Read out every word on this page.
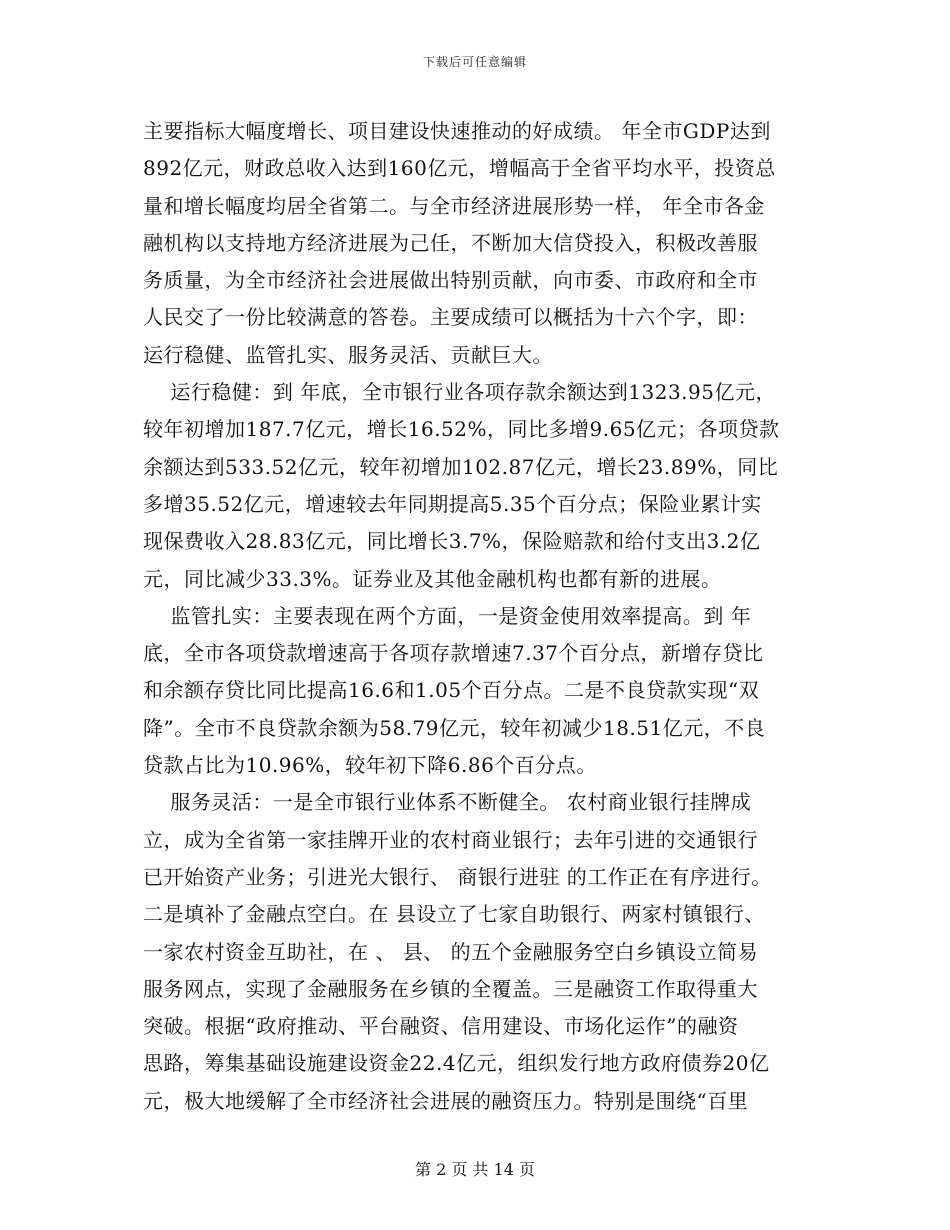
下载后可任意编辑
主要指标大幅度增长、项目建设快速推动的好成绩。 年全市GDP达到
892亿元，财政总收入达到160亿元，增幅高于全省平均水平，投资总
量和增长幅度均居全省第二。与全市经济进展形势一样， 年全市各金
融机构以支持地方经济进展为己任，不断加大信贷投入，积极改善服
务质量，为全市经济社会进展做出特别贡献，向市委、市政府和全市
人民交了一份比较满意的答卷。主要成绩可以概括为十六个字，即：
运行稳健、监管扎实、服务灵活、贡献巨大。
运行稳健：到 年底，全市银行业各项存款余额达到1323.95亿元，
较年初增加187.7亿元，增长16.52%，同比多增9.65亿元；各项贷款
余额达到533.52亿元，较年初增加102.87亿元，增长23.89%，同比
多增35.52亿元，增速较去年同期提高5.35个百分点；保险业累计实
现保费收入28.83亿元，同比增长3.7%，保险赔款和给付支出3.2亿
元，同比减少33.3%。证券业及其他金融机构也都有新的进展。
监管扎实：主要表现在两个方面，一是资金使用效率提高。到 年
底，全市各项贷款增速高于各项存款增速7.37个百分点，新增存贷比
和余额存贷比同比提高16.6和1.05个百分点。二是不良贷款实现“双
降”。全市不良贷款余额为58.79亿元，较年初减少18.51亿元，不良
贷款占比为10.96%，较年初下降6.86个百分点。
服务灵活：一是全市银行业体系不断健全。 农村商业银行挂牌成
立，成为全省第一家挂牌开业的农村商业银行；去年引进的交通银行
已开始资产业务；引进光大银行、 商银行进驻 的工作正在有序进行。
二是填补了金融点空白。在 县设立了七家自助银行、两家村镇银行、
一家农村资金互助社，在 、 县、 的五个金融服务空白乡镇设立简易
服务网点，实现了金融服务在乡镇的全覆盖。三是融资工作取得重大
突破。根据“政府推动、平台融资、信用建设、市场化运作”的融资
思路，筹集基础设施建设资金22.4亿元，组织发行地方政府债券20亿
元，极大地缓解了全市经济社会进展的融资压力。特别是围绕“百里
第 2 页 共 14 页
